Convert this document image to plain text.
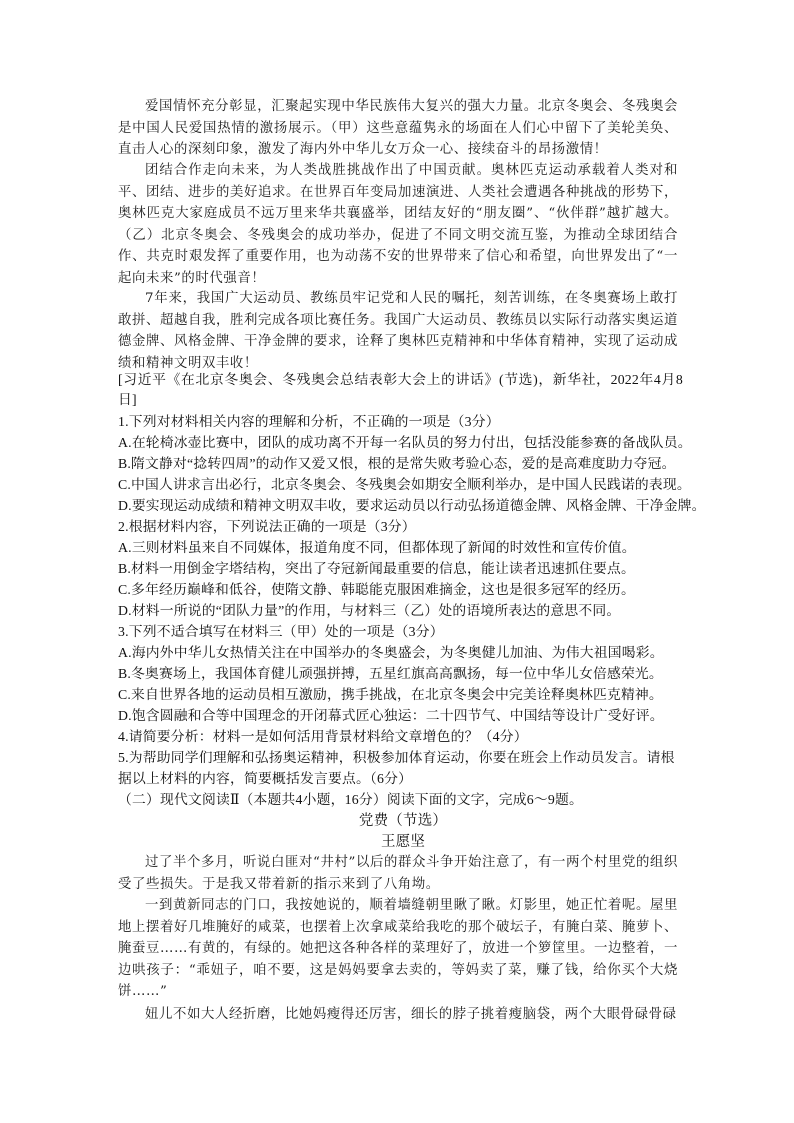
爱国情怀充分彰显，汇聚起实现中华民族伟大复兴的强大力量。北京冬奥会、冬残奥会是中国人民爱国热情的激扬展示。（甲）这些意蕴隽永的场面在人们心中留下了美轮美奂、直击人心的深刻印象，激发了海内外中华儿女万众一心、接续奋斗的昂扬激情！

团结合作走向未来，为人类战胜挑战作出了中国贡献。奥林匹克运动承载着人类对和平、团结、进步的美好追求。在世界百年变局加速演进、人类社会遭遇各种挑战的形势下，奥林匹克大家庭成员不远万里来华共襄盛举，团结友好的“朋友圈”、“伙伴群”越扩越大。（乙）北京冬奥会、冬残奥会的成功举办，促进了不同文明交流互鉴，为推动全球团结合作、共克时艰发挥了重要作用，也为动荡不安的世界带来了信心和希望，向世界发出了“一起向未来”的时代强音！

7年来，我国广大运动员、教练员牢记党和人民的嘱托，刻苦训练，在冬奥赛场上敢打敢拼、超越自我，胜利完成各项比赛任务。我国广大运动员、教练员以实际行动落实奥运道德金牌、风格金牌、干净金牌的要求，诠释了奥林匹克精神和中华体育精神，实现了运动成绩和精神文明双丰收！

[习近平《在北京冬奥会、冬残奥会总结表彰大会上的讲话》(节选)，新华社，2022年4月8日]

1.下列对材料相关内容的理解和分析，不正确的一项是（3分）

A.在轮椅冰壶比赛中，团队的成功离不开每一名队员的努力付出，包括没能参赛的备战队员。

B.隋文静对“捻转四周”的动作又爱又恨，根的是常失败考验心态，爱的是高难度助力夺冠。

C.中国人讲求言出必行，北京冬奥会、冬残奥会如期安全顺利举办，是中国人民践诺的表现。

D.要实现运动成绩和精神文明双丰收，要求运动员以行动弘扬道德金牌、风格金牌、干净金牌。

2.根据材料内容，下列说法正确的一项是（3分）

A.三则材料虽来自不同媒体，报道角度不同，但都体现了新闻的时效性和宣传价值。

B.材料一用倒金字塔结构，突出了夺冠新闻最重要的信息，能让读者迅速抓住要点。

C.多年经历巅峰和低谷，使隋文静、韩聪能克服困难摘金，这也是很多冠军的经历。

D.材料一所说的“团队力量”的作用，与材料三（乙）处的语境所表达的意思不同。

3.下列不适合填写在材料三（甲）处的一项是（3分）

A.海内外中华儿女热情关注在中国举办的冬奥盛会，为冬奥健儿加油、为伟大祖国喝彩。

B.冬奥赛场上，我国体育健儿顽强拼搏，五星红旗高高飘扬，每一位中华儿女倍感荣光。

C.来自世界各地的运动员相互激励，携手挑战，在北京冬奥会中完美诠释奥林匹克精神。

D.饱含圆融和合等中国理念的开闭幕式匠心独运：二十四节气、中国结等设计广受好评。

4.请简要分析：材料一是如何活用背景材料给文章增色的？（4分）

5.为帮助同学们理解和弘扬奥运精神，积极参加体育运动，你要在班会上作动员发言。请根

据以上材料的内容，简要概括发言要点。（6分）

（二）现代文阅读Ⅱ（本题共4小题，16分）阅读下面的文字，完成6～9题。

党费（节选）

王愿坚

过了半个多月，听说白匪对“井村”以后的群众斗争开始注意了，有一两个村里党的组织受了些损失。于是我又带着新的指示来到了八角坳。

一到黄新同志的门口，我按她说的，顺着墙缝朝里瞅了瞅。灯影里，她正忙着呢。屋里地上摆着好几堆腌好的咸菜，也摆着上次拿咸菜给我吃的那个破坛子，有腌白菜、腌萝卜、腌蚕豆……有黄的，有绿的。她把这各种各样的菜理好了，放进一个箩筐里。一边整着，一边哄孩子：“乖妞子，咱不要，这是妈妈要拿去卖的，等妈卖了菜，赚了钱，给你买个大烧饼……”

妞儿不如大人经折磨，比她妈瘦得还厉害，细长的脖子挑着瘦脑袋，两个大眼骨碌骨碌
